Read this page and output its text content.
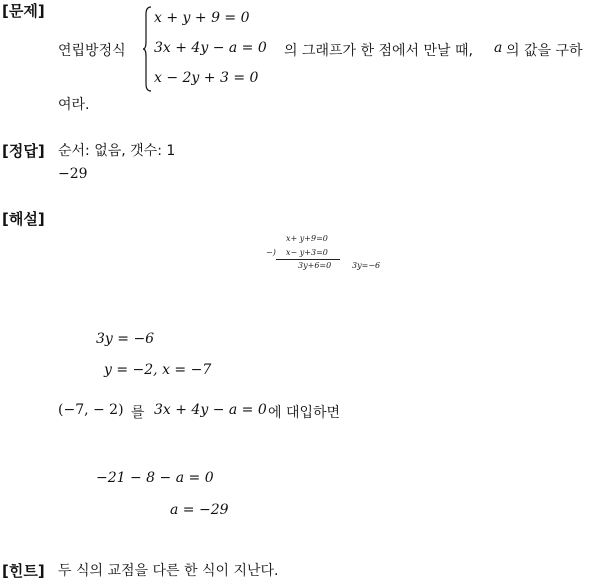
[문제]
연립방정식
x + y + 9 = 0
3x + 4y − a = 0
x − 2y + 3 = 0
의 그래프가 한 점에서 만날 때, a 의 값을 구하
여라.
[정답] 순서: 없음, 갯수: 1
−29
[해설]
x+ y+9=0
−) x− y+3=0
3y+6=0	3y=−6
3y = −6
y = −2, x = −7
(−7, − 2) 를 3x + 4y − a = 0 에 대입하면
−21 − 8 − a = 0
a = −29
[힌트] 두 식의 교점을 다른 한 식이 지난다.
